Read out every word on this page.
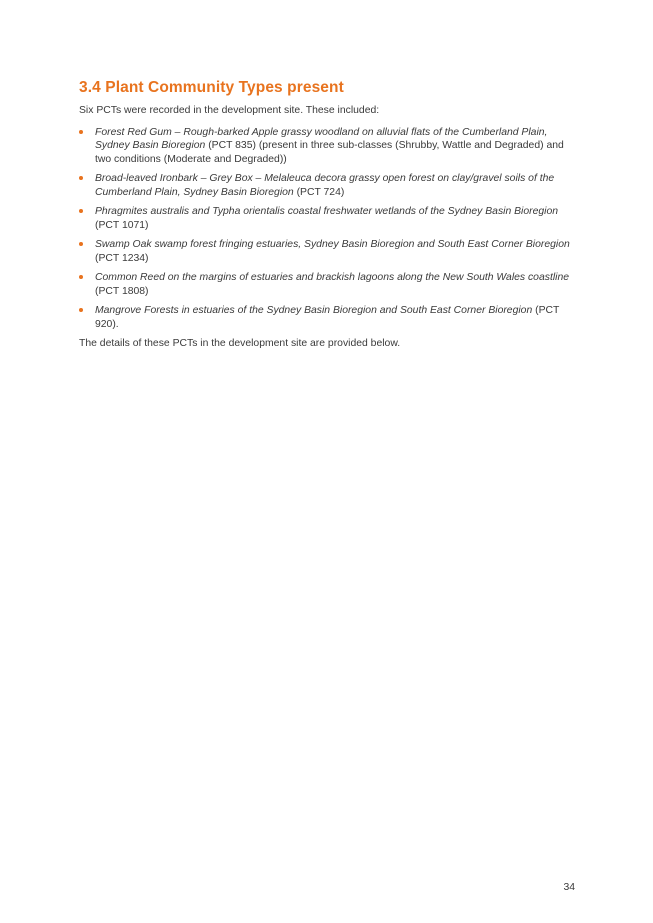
3.4 Plant Community Types present

Six PCTs were recorded in the development site. These included:

Forest Red Gum – Rough-barked Apple grassy woodland on alluvial flats of the Cumberland Plain, Sydney Basin Bioregion (PCT 835) (present in three sub-classes (Shrubby, Wattle and Degraded) and two conditions (Moderate and Degraded))
Broad-leaved Ironbark – Grey Box – Melaleuca decora grassy open forest on clay/gravel soils of the Cumberland Plain, Sydney Basin Bioregion (PCT 724)
Phragmites australis and Typha orientalis coastal freshwater wetlands of the Sydney Basin Bioregion (PCT 1071)
Swamp Oak swamp forest fringing estuaries, Sydney Basin Bioregion and South East Corner Bioregion (PCT 1234)
Common Reed on the margins of estuaries and brackish lagoons along the New South Wales coastline (PCT 1808)
Mangrove Forests in estuaries of the Sydney Basin Bioregion and South East Corner Bioregion (PCT 920).

The details of these PCTs in the development site are provided below.

34
